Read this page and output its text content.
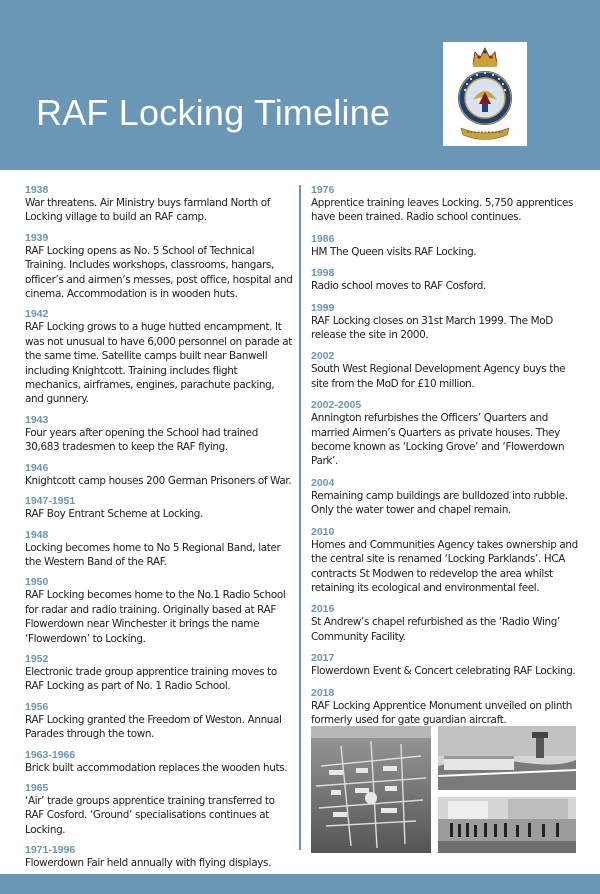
RAF Locking Timeline
1938
War threatens. Air Ministry buys farmland North of Locking village to build an RAF camp.
1939
RAF Locking opens as No. 5 School of Technical Training. Includes workshops, classrooms, hangars, officer’s and airmen’s messes, post office, hospital and cinema. Accommodation is in wooden huts.
1942
RAF Locking grows to a huge hutted encampment. It was not unusual to have 6,000 personnel on parade at the same time. Satellite camps built near Banwell including Knightcott. Training includes flight mechanics, airframes, engines, parachute packing, and gunnery.
1943
Four years after opening the School had trained 30,683 tradesmen to keep the RAF flying.
1946
Knightcott camp houses 200 German Prisoners of War.
1947-1951
RAF Boy Entrant Scheme at Locking.
1948
Locking becomes home to No 5 Regional Band, later the Western Band of the RAF.
1950
RAF Locking becomes home to the No.1 Radio School for radar and radio training. Originally based at RAF Flowerdown near Winchester it brings the name ‘Flowerdown’ to Locking.
1952
Electronic trade group apprentice training moves to RAF Locking as part of No. 1 Radio School.
1956
RAF Locking granted the Freedom of Weston. Annual Parades through the town.
1963-1966
Brick built accommodation replaces the wooden huts.
1965
‘Air’ trade groups apprentice training transferred to RAF Cosford. ‘Ground’ specialisations continues at Locking.
1971-1996
Flowerdown Fair held annually with flying displays.
1976
Apprentice training leaves Locking. 5,750 apprentices have been trained. Radio school continues.
1986
HM The Queen visits RAF Locking.
1998
Radio school moves to RAF Cosford.
1999
RAF Locking closes on 31st March 1999. The MoD release the site in 2000.
2002
South West Regional Development Agency buys the site from the MoD for £10 million.
2002-2005
Annington refurbishes the Officers’ Quarters and married Airmen’s Quarters as private houses. They become known as ‘Locking Grove’ and ‘Flowerdown Park’.
2004
Remaining camp buildings are bulldozed into rubble. Only the water tower and chapel remain.
2010
Homes and Communities Agency takes ownership and the central site is renamed ‘Locking Parklands’. HCA contracts St Modwen to redevelop the area whilst retaining its ecological and environmental feel.
2016
St Andrew’s chapel refurbished as the ‘Radio Wing’ Community Facility.
2017
Flowerdown Event & Concert celebrating RAF Locking.
2018
RAF Locking Apprentice Monument unveiled on plinth formerly used for gate guardian aircraft.
